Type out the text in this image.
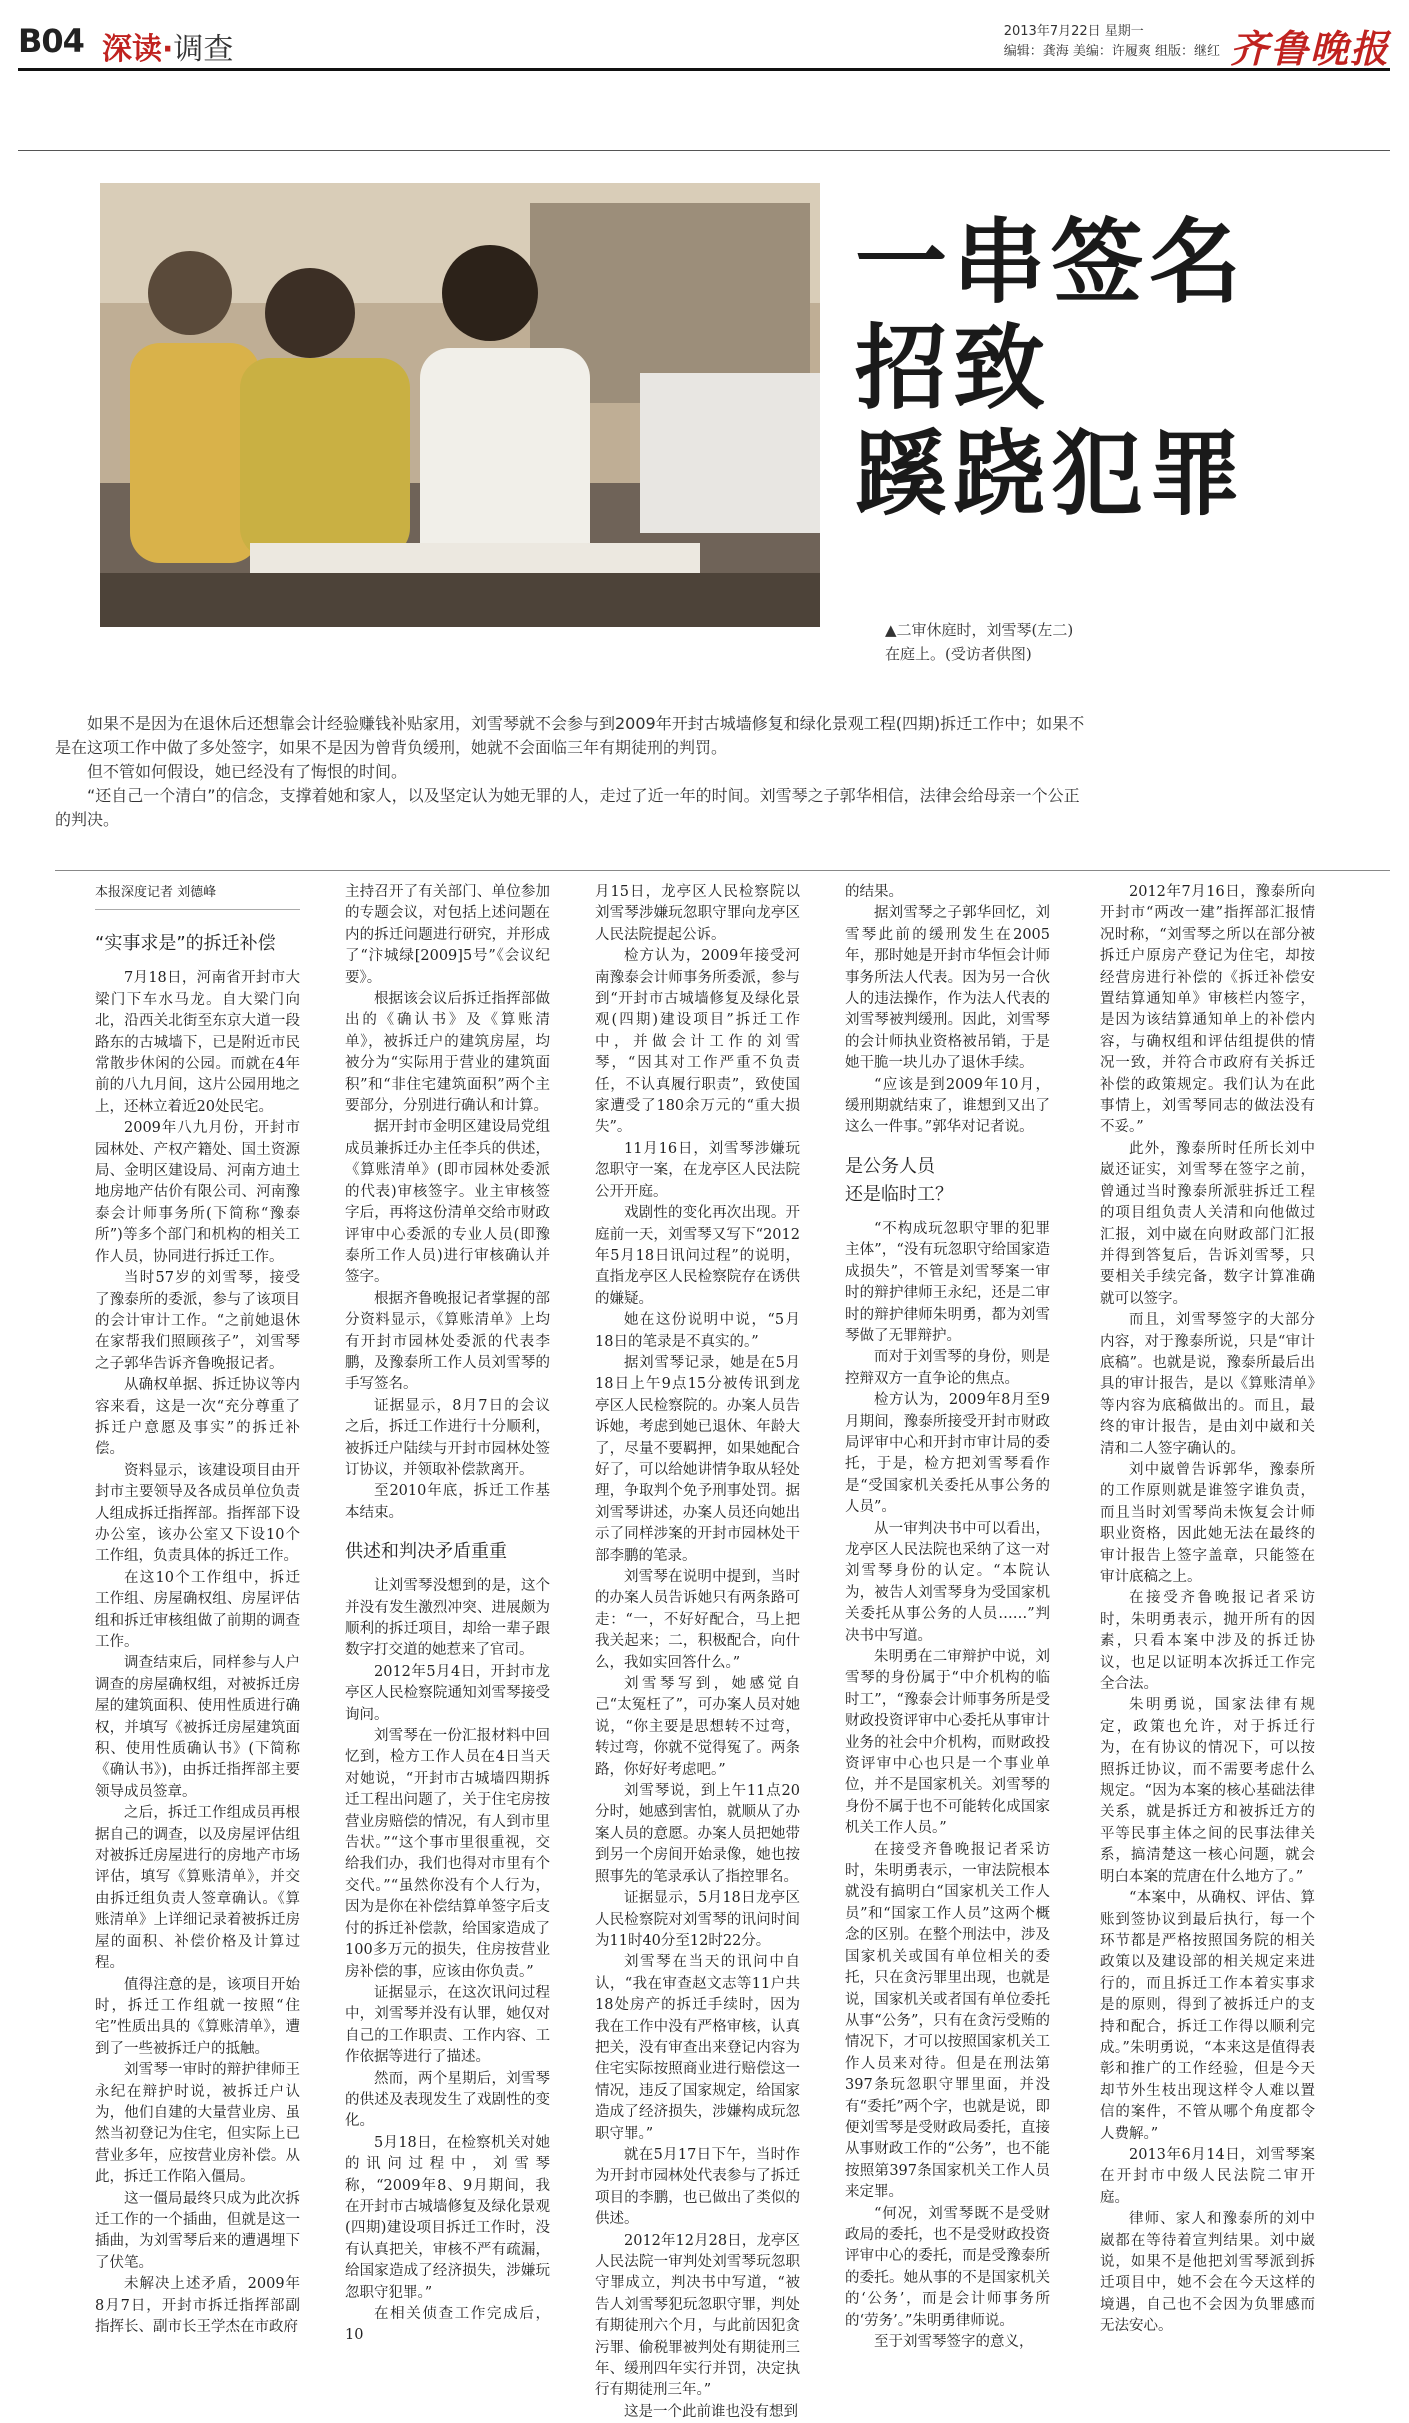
B04 深读·调查
2013年7月22日 星期一
编辑：龚海 美编：许履爽 组版：继红 齐鲁晚报
一串签名
招致
蹊跷犯罪
▲二审休庭时，刘雪琴(左二)在庭上。(受访者供图)

如果不是因为在退休后还想靠会计经验赚钱补贴家用，刘雪琴就不会参与到2009年开封古城墙修复和绿化景观工程(四期)拆迁工作中；如果不是在这项工作中做了多处签字，如果不是因为曾背负缓刑，她就不会面临三年有期徒刑的判罚。

但不管如何假设，她已经没有了悔恨的时间。

“还自己一个清白”的信念，支撑着她和家人，以及坚定认为她无罪的人，走过了近一年的时间。刘雪琴之子郭华相信，法律会给母亲一个公正的判决。

本报深度记者 刘德峰
“实事求是”的拆迁补偿

7月18日，河南省开封市大梁门下车水马龙。自大梁门向北，沿西关北街至东京大道一段路东的古城墙下，已是附近市民常散步休闲的公园。而就在4年前的八九月间，这片公园用地之上，还林立着近20处民宅。

2009年八九月份，开封市园林处、产权产籍处、国土资源局、金明区建设局、河南方迪土地房地产估价有限公司、河南豫泰会计师事务所(下简称“豫泰所”)等多个部门和机构的相关工作人员，协同进行拆迁工作。

当时57岁的刘雪琴，接受了豫泰所的委派，参与了该项目的会计审计工作。“之前她退休在家帮我们照顾孩子”，刘雪琴之子郭华告诉齐鲁晚报记者。

从确权单据、拆迁协议等内容来看，这是一次“充分尊重了拆迁户意愿及事实”的拆迁补偿。

资料显示，该建设项目由开封市主要领导及各成员单位负责人组成拆迁指挥部。指挥部下设办公室，该办公室又下设10个工作组，负责具体的拆迁工作。

在这10个工作组中，拆迁工作组、房屋确权组、房屋评估组和拆迁审核组做了前期的调查工作。

调查结束后，同样参与人户调查的房屋确权组，对被拆迁房屋的建筑面积、使用性质进行确权，并填写《被拆迁房屋建筑面积、使用性质确认书》(下简称《确认书》)，由拆迁指挥部主要领导成员签章。

之后，拆迁工作组成员再根据自己的调查，以及房屋评估组对被拆迁房屋进行的房地产市场评估，填写《算账清单》，并交由拆迁组负责人签章确认。《算账清单》上详细记录着被拆迁房屋的面积、补偿价格及计算过程。

值得注意的是，该项目开始时，拆迁工作组就一按照“住宅”性质出具的《算账清单》，遭到了一些被拆迁户的抵触。

刘雪琴一审时的辩护律师王永纪在辩护时说，被拆迁户认为，他们自建的大量营业房、虽然当初登记为住宅，但实际上已营业多年，应按营业房补偿。从此，拆迁工作陷入僵局。

这一僵局最终只成为此次拆迁工作的一个插曲，但就是这一插曲，为刘雪琴后来的遭遇埋下了伏笔。

未解决上述矛盾，2009年8月7日，开封市拆迁指挥部副指挥长、副市长王学杰在市政府

主持召开了有关部门、单位参加的专题会议，对包括上述问题在内的拆迁问题进行研究，并形成了“汴城绿[2009]5号”《会议纪要》。

根据该会议后拆迁指挥部做出的《确认书》及《算账清单》，被拆迁户的建筑房屋，均被分为“实际用于营业的建筑面积”和“非住宅建筑面积”两个主要部分，分别进行确认和计算。

据开封市金明区建设局党组成员兼拆迁办主任李兵的供述，《算账清单》(即市园林处委派的代表)审核签字。业主审核签字后，再将这份清单交给市财政评审中心委派的专业人员(即豫泰所工作人员)进行审核确认并签字。

根据齐鲁晚报记者掌握的部分资料显示，《算账清单》上均有开封市园林处委派的代表李鹏，及豫泰所工作人员刘雪琴的手写签名。

证据显示，8月7日的会议之后，拆迁工作进行十分顺利，被拆迁户陆续与开封市园林处签订协议，并领取补偿款离开。

至2010年底，拆迁工作基本结束。

供述和判决矛盾重重

让刘雪琴没想到的是，这个并没有发生激烈冲突、进展颇为顺利的拆迁项目，却给一辈子跟数字打交道的她惹来了官司。

2012年5月4日，开封市龙亭区人民检察院通知刘雪琴接受询问。

刘雪琴在一份汇报材料中回忆到，检方工作人员在4日当天对她说，“开封市古城墙四期拆迁工程出问题了，关于住宅房按营业房赔偿的情况，有人到市里告状。”“这个事市里很重视，交给我们办，我们也得对市里有个交代。”“虽然你没有个人行为，因为是你在补偿结算单签字后支付的拆迁补偿款，给国家造成了100多万元的损失，住房按营业房补偿的事，应该由你负责。”

证据显示，在这次讯问过程中，刘雪琴并没有认罪，她仅对自己的工作职责、工作内容、工作依据等进行了描述。

然而，两个星期后，刘雪琴的供述及表现发生了戏剧性的变化。

5月18日，在检察机关对她的讯问过程中，刘雪琴称，“2009年8、9月期间，我在开封市古城墙修复及绿化景观(四期)建设项目拆迁工作时，没有认真把关，审核不严有疏漏，给国家造成了经济损失，涉嫌玩忽职守犯罪。”

在相关侦查工作完成后，10

月15日，龙亭区人民检察院以刘雪琴涉嫌玩忽职守罪向龙亭区人民法院提起公诉。

检方认为，2009年接受河南豫泰会计师事务所委派，参与到“开封市古城墙修复及绿化景观(四期)建设项目”拆迁工作中，并做会计工作的刘雪琴，“因其对工作严重不负责任，不认真履行职责”，致使国家遭受了180余万元的“重大损失”。

11月16日，刘雪琴涉嫌玩忽职守一案，在龙亭区人民法院公开开庭。

戏剧性的变化再次出现。开庭前一天，刘雪琴又写下“2012年5月18日讯问过程”的说明，直指龙亭区人民检察院存在诱供的嫌疑。

她在这份说明中说，“5月18日的笔录是不真实的。”

据刘雪琴记录，她是在5月18日上午9点15分被传讯到龙亭区人民检察院的。办案人员告诉她，考虑到她已退休、年龄大了，尽量不要羁押，如果她配合好了，可以给她讲情争取从轻处理，争取判个免予刑事处罚。据刘雪琴讲述，办案人员还向她出示了同样涉案的开封市园林处干部李鹏的笔录。

刘雪琴在说明中提到，当时的办案人员告诉她只有两条路可走：“一，不好好配合，马上把我关起来；二，积极配合，向什么，我如实回答什么。”

刘雪琴写到，她感觉自己“太冤枉了”，可办案人员对她说，“你主要是思想转不过弯，转过弯，你就不觉得冤了。两条路，你好好考虑吧。”

刘雪琴说，到上午11点20分时，她感到害怕，就顺从了办案人员的意愿。办案人员把她带到另一个房间开始录像，她也按照事先的笔录承认了指控罪名。

证据显示，5月18日龙亭区人民检察院对刘雪琴的讯问时间为11时40分至12时22分。

刘雪琴在当天的讯问中自认，“我在审查赵文志等11户共18处房产的拆迁手续时，因为我在工作中没有严格审核，认真把关，没有审查出来登记内容为住宅实际按照商业进行赔偿这一情况，违反了国家规定，给国家造成了经济损失，涉嫌构成玩忽职守罪。”

就在5月17日下午，当时作为开封市园林处代表参与了拆迁项目的李鹏，也已做出了类似的供述。

2012年12月28日，龙亭区人民法院一审判处刘雪琴玩忽职守罪成立，判决书中写道，“被告人刘雪琴犯玩忽职守罪，判处有期徒刑六个月，与此前因犯贪污罪、偷税罪被判处有期徒刑三年、缓刑四年实行并罚，决定执行有期徒刑三年。”

这是一个此前谁也没有想到

的结果。

据刘雪琴之子郭华回忆，刘雪琴此前的缓刑发生在2005年，那时她是开封市华恒会计师事务所法人代表。因为另一合伙人的违法操作，作为法人代表的刘雪琴被判缓刑。因此，刘雪琴的会计师执业资格被吊销，于是她干脆一块儿办了退休手续。

“应该是到2009年10月，缓刑期就结束了，谁想到又出了这么一件事。”郭华对记者说。

是公务人员
还是临时工？

“不构成玩忽职守罪的犯罪主体”，“没有玩忽职守给国家造成损失”，不管是刘雪琴案一审时的辩护律师王永纪，还是二审时的辩护律师朱明勇，都为刘雪琴做了无罪辩护。

而对于刘雪琴的身份，则是控辩双方一直争论的焦点。

检方认为，2009年8月至9月期间，豫泰所接受开封市财政局评审中心和开封市审计局的委托，于是，检方把刘雪琴看作是“受国家机关委托从事公务的人员”。

从一审判决书中可以看出，龙亭区人民法院也采纳了这一对刘雪琴身份的认定。“本院认为，被告人刘雪琴身为受国家机关委托从事公务的人员……”判决书中写道。

朱明勇在二审辩护中说，刘雪琴的身份属于“中介机构的临时工”，“豫泰会计师事务所是受财政投资评审中心委托从事审计业务的社会中介机构，而财政投资评审中心也只是一个事业单位，并不是国家机关。刘雪琴的身份不属于也不可能转化成国家机关工作人员。”

在接受齐鲁晚报记者采访时，朱明勇表示，一审法院根本就没有搞明白“国家机关工作人员”和“国家工作人员”这两个概念的区别。在整个刑法中，涉及国家机关或国有单位相关的委托，只在贪污罪里出现，也就是说，国家机关或者国有单位委托从事“公务”，只有在贪污受贿的情况下，才可以按照国家机关工作人员来对待。但是在刑法第397条玩忽职守罪里面，并没有“委托”两个字，也就是说，即便刘雪琴是受财政局委托，直接从事财政工作的“公务”，也不能按照第397条国家机关工作人员来定罪。

“何况，刘雪琴既不是受财政局的委托，也不是受财政投资评审中心的委托，而是受豫泰所的委托。她从事的不是国家机关的‘公务’，而是会计师事务所的‘劳务’。”朱明勇律师说。

至于刘雪琴签字的意义，

2012年7月16日，豫泰所向开封市“两改一建”指挥部汇报情况时称，“刘雪琴之所以在部分被拆迁户原房产登记为住宅，却按经营房进行补偿的《拆迁补偿安置结算通知单》审核栏内签字，是因为该结算通知单上的补偿内容，与确权组和评估组提供的情况一致，并符合市政府有关拆迁补偿的政策规定。我们认为在此事情上，刘雪琴同志的做法没有不妥。”

此外，豫泰所时任所长刘中崴还证实，刘雪琴在签字之前，曾通过当时豫泰所派驻拆迁工程的项目组负责人关清和向他做过汇报，刘中崴在向财政部门汇报并得到答复后，告诉刘雪琴，只要相关手续完备，数字计算准确就可以签字。

而且，刘雪琴签字的大部分内容，对于豫泰所说，只是“审计底稿”。也就是说，豫泰所最后出具的审计报告，是以《算账清单》等内容为底稿做出的。而且，最终的审计报告，是由刘中崴和关清和二人签字确认的。

刘中崴曾告诉郭华，豫泰所的工作原则就是谁签字谁负责，而且当时刘雪琴尚未恢复会计师职业资格，因此她无法在最终的审计报告上签字盖章，只能签在审计底稿之上。

在接受齐鲁晚报记者采访时，朱明勇表示，抛开所有的因素，只看本案中涉及的拆迁协议，也足以证明本次拆迁工作完全合法。

朱明勇说，国家法律有规定，政策也允许，对于拆迁行为，在有协议的情况下，可以按照拆迁协议，而不需要考虑什么规定。“因为本案的核心基础法律关系，就是拆迁方和被拆迁方的平等民事主体之间的民事法律关系，搞清楚这一核心问题，就会明白本案的荒唐在什么地方了。”

“本案中，从确权、评估、算账到签协议到最后执行，每一个环节都是严格按照国务院的相关政策以及建设部的相关规定来进行的，而且拆迁工作本着实事求是的原则，得到了被拆迁户的支持和配合，拆迁工作得以顺利完成。”朱明勇说，“本来这是值得表彰和推广的工作经验，但是今天却节外生枝出现这样令人难以置信的案件，不管从哪个角度都令人费解。”

2013年6月14日，刘雪琴案在开封市中级人民法院二审开庭。

律师、家人和豫泰所的刘中崴都在等待着宣判结果。刘中崴说，如果不是他把刘雪琴派到拆迁项目中，她不会在今天这样的境遇，自己也不会因为负罪感而无法安心。
